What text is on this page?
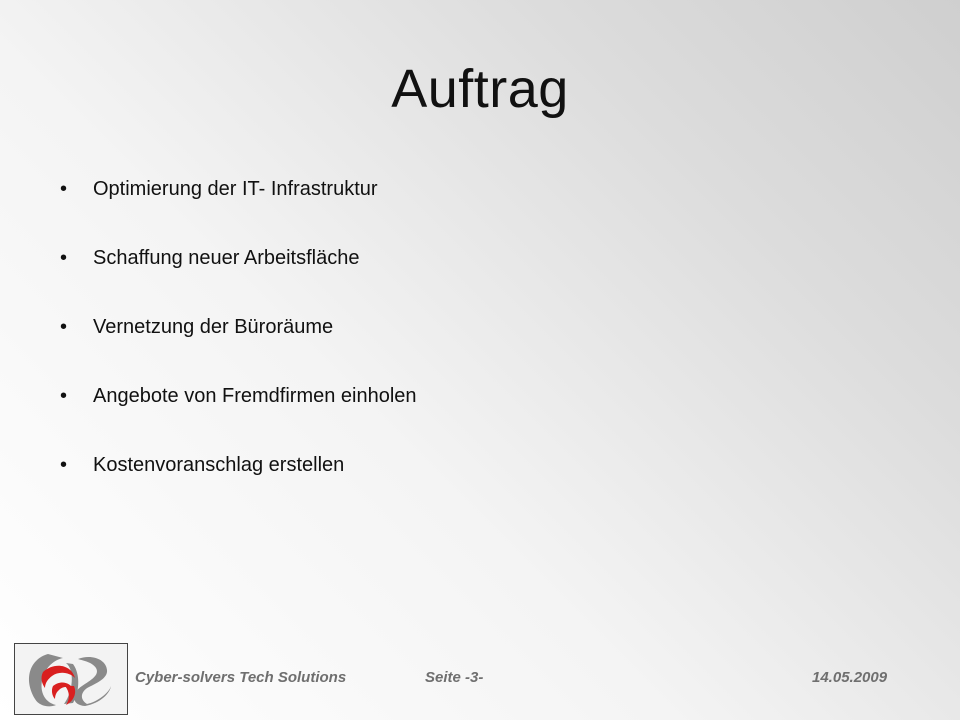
Auftrag
•	Optimierung der IT- Infrastruktur
•	Schaffung neuer Arbeitsfläche
•	Vernetzung der Büroräume
•	Angebote von Fremdfirmen einholen
•	Kostenvoranschlag erstellen
Cyber-solvers Tech Solutions	Seite -3-	14.05.2009
